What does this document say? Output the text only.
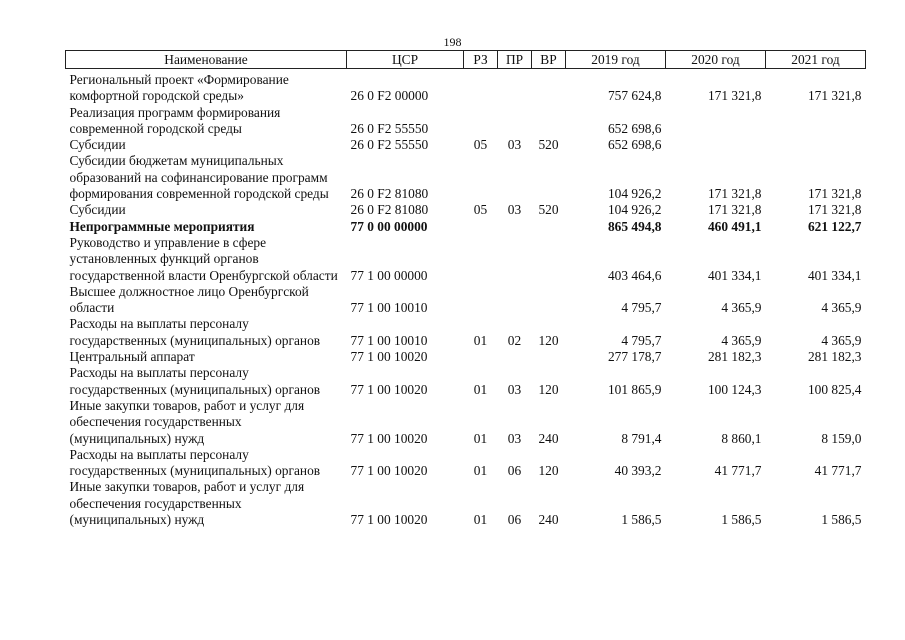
198
Наименование	ЦСР	РЗ	ПР	ВР	2019 год	2020 год	2021 год
Региональный проект «Формирование комфортной городской среды»	26 0 F2 00000				757 624,8	171 321,8	171 321,8
Реализация программ формирования современной городской среды	26 0 F2 55550				652 698,6		
Субсидии	26 0 F2 55550	05	03	520	652 698,6		
Субсидии бюджетам муниципальных образований на софинансирование программ формирования современной городской среды	26 0 F2 81080				104 926,2	171 321,8	171 321,8
Субсидии	26 0 F2 81080	05	03	520	104 926,2	171 321,8	171 321,8
Непрограммные мероприятия	77 0 00 00000				865 494,8	460 491,1	621 122,7
Руководство и управление в сфере установленных функций органов государственной власти Оренбургской области	77 1 00 00000				403 464,6	401 334,1	401 334,1
Высшее должностное лицо Оренбургской области	77 1 00 10010				4 795,7	4 365,9	4 365,9
Расходы на выплаты персоналу государственных (муниципальных) органов	77 1 00 10010	01	02	120	4 795,7	4 365,9	4 365,9
Центральный аппарат	77 1 00 10020				277 178,7	281 182,3	281 182,3
Расходы на выплаты персоналу государственных (муниципальных) органов	77 1 00 10020	01	03	120	101 865,9	100 124,3	100 825,4
Иные закупки товаров, работ и услуг для обеспечения государственных (муниципальных) нужд	77 1 00 10020	01	03	240	8 791,4	8 860,1	8 159,0
Расходы на выплаты персоналу государственных (муниципальных) органов	77 1 00 10020	01	06	120	40 393,2	41 771,7	41 771,7
Иные закупки товаров, работ и услуг для обеспечения государственных (муниципальных) нужд	77 1 00 10020	01	06	240	1 586,5	1 586,5	1 586,5
